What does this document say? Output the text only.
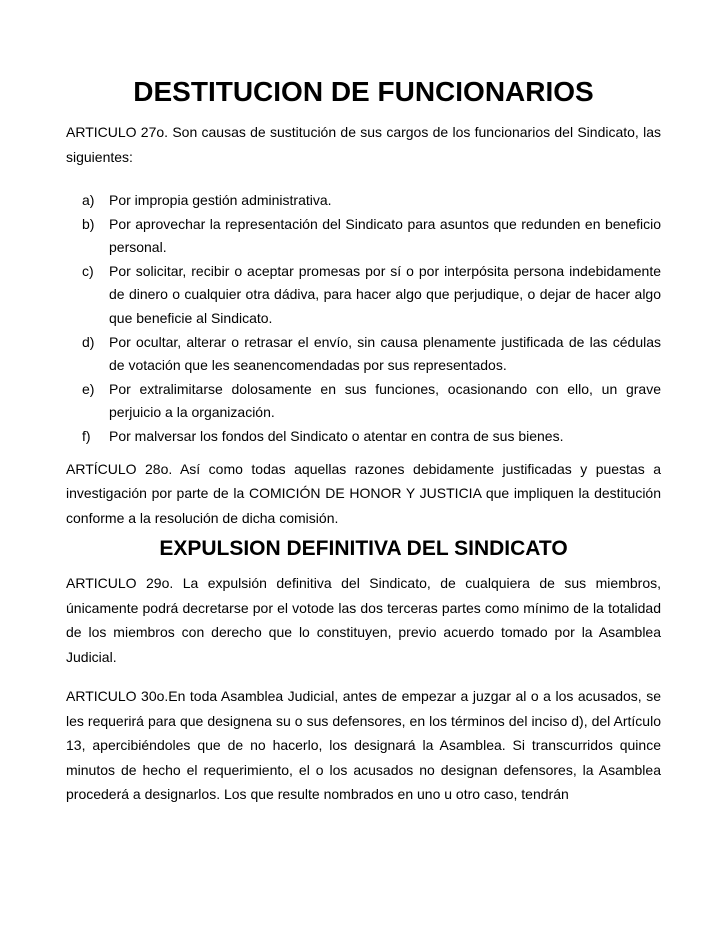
DESTITUCION DE FUNCIONARIOS

ARTICULO 27o. Son causas de sustitución de sus cargos de los funcionarios del Sindicato, las siguientes:

a) Por impropia gestión administrativa.
b) Por aprovechar la representación del Sindicato para asuntos que redunden en beneficio personal.
c) Por solicitar, recibir o aceptar promesas por sí o por interpósita persona indebidamente de dinero o cualquier otra dádiva, para hacer algo que perjudique, o dejar de hacer algo que beneficie al Sindicato.
d) Por ocultar, alterar o retrasar el envío, sin causa plenamente justificada de las cédulas de votación que les seanencomendadas por sus representados.
e) Por extralimitarse dolosamente en sus funciones, ocasionando con ello, un grave perjuicio a la organización.
f) Por malversar los fondos del Sindicato o atentar en contra de sus bienes.

ARTÍCULO 28o. Así como todas aquellas razones debidamente justificadas y puestas a investigación por parte de la COMICIÓN DE HONOR Y JUSTICIA que impliquen la destitución conforme a la resolución de dicha comisión.

EXPULSION DEFINITIVA DEL SINDICATO

ARTICULO 29o. La expulsión definitiva del Sindicato, de cualquiera de sus miembros, únicamente podrá decretarse por el votode las dos terceras partes como mínimo de la totalidad de los miembros con derecho que lo constituyen, previo acuerdo tomado por la Asamblea Judicial.

ARTICULO 30o.En toda Asamblea Judicial, antes de empezar a juzgar al o a los acusados, se les requerirá para que designena su o sus defensores, en los términos del inciso d), del Artículo 13, apercibiéndoles que de no hacerlo, los designará la Asamblea. Si transcurridos quince minutos de hecho el requerimiento, el o los acusados no designan defensores, la Asamblea procederá a designarlos. Los que resulte nombrados en uno u otro caso, tendrán
